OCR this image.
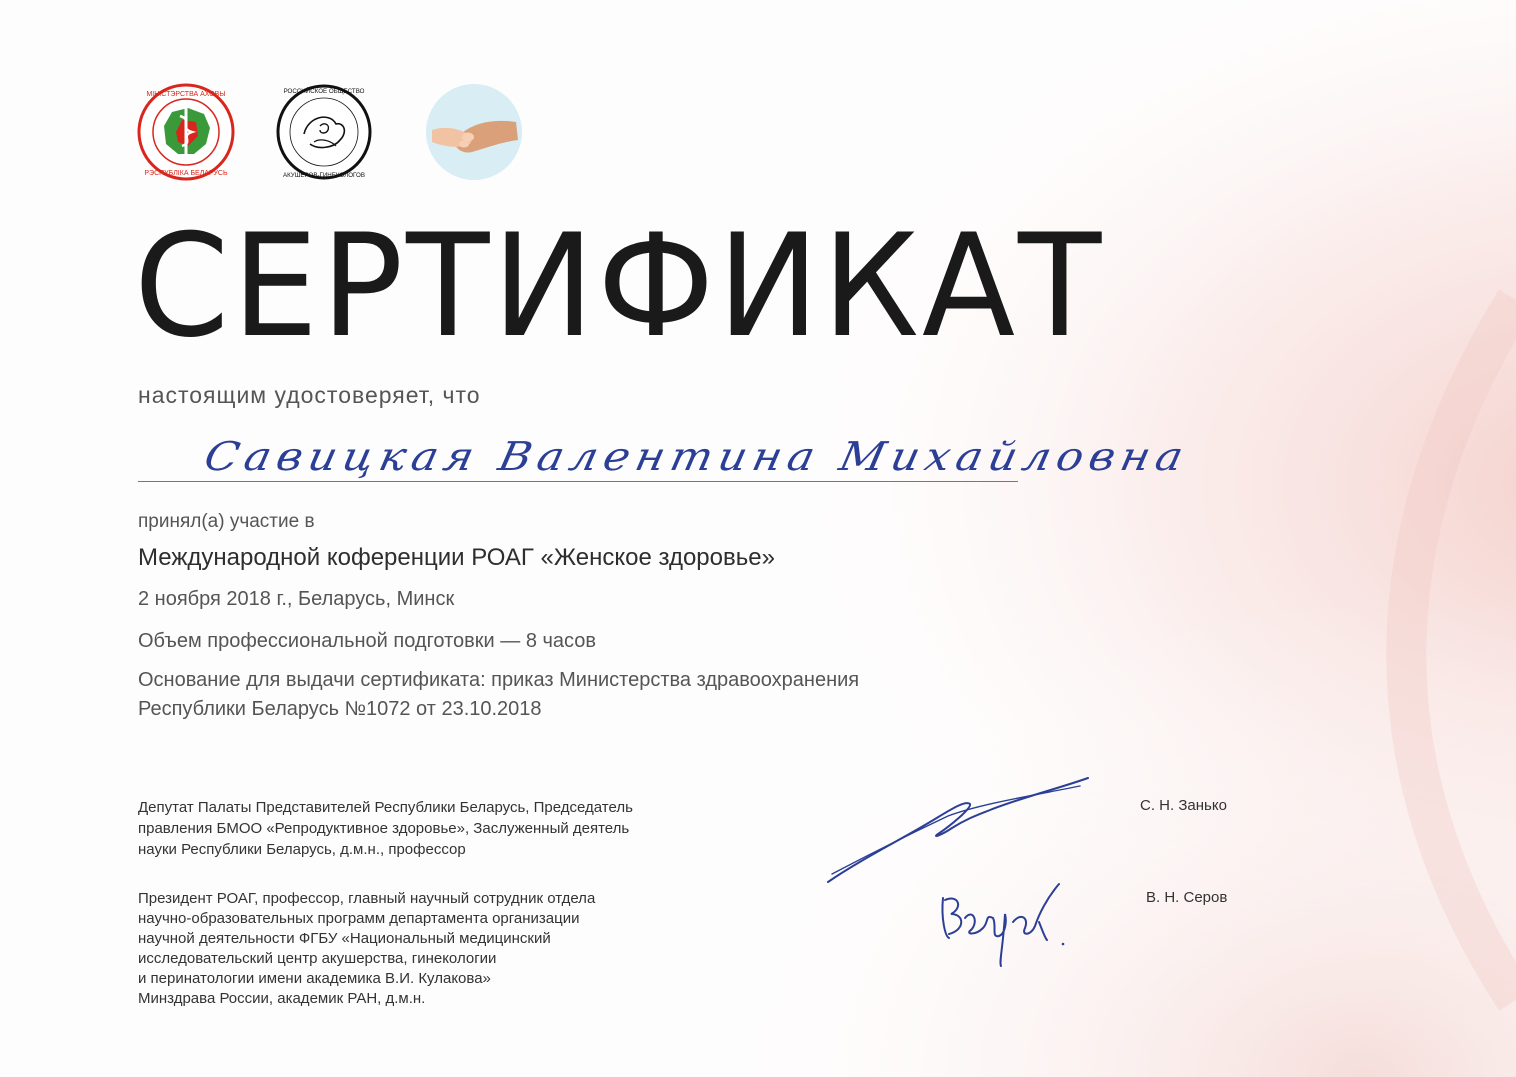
МІНІСТЭРСТВА АХОВЫ
РЭСПУБЛІКА БЕЛАРУСЬ
РОССИЙСКОЕ ОБЩЕСТВО
АКУШЕРОВ-ГИНЕКОЛОГОВ
СЕРТИФИКАТ
настоящим удостоверяет, что
Савицкая Валентина Михайловна
принял(а) участие в
Международной коференции РОАГ «Женское здоровье»
2 ноября 2018 г., Беларусь, Минск
Объем профессиональной подготовки — 8 часов
Основание для выдачи сертификата: приказ Министерства здравоохранения
Республики Беларусь №1072 от 23.10.2018
Депутат Палаты Представителей Республики Беларусь, Председатель
правления БМОО «Репродуктивное здоровье», Заслуженный деятель
науки Республики Беларусь, д.м.н., профессор
С. Н. Занько
Президент РОАГ, профессор, главный научный сотрудник отдела
научно-образовательных программ департамента организации
научной деятельности ФГБУ «Национальный медицинский
исследовательский центр акушерства, гинекологии
и перинатологии имени академика В.И. Кулакова»
Минздрава России, академик РАН, д.м.н.
В. Н. Серов
